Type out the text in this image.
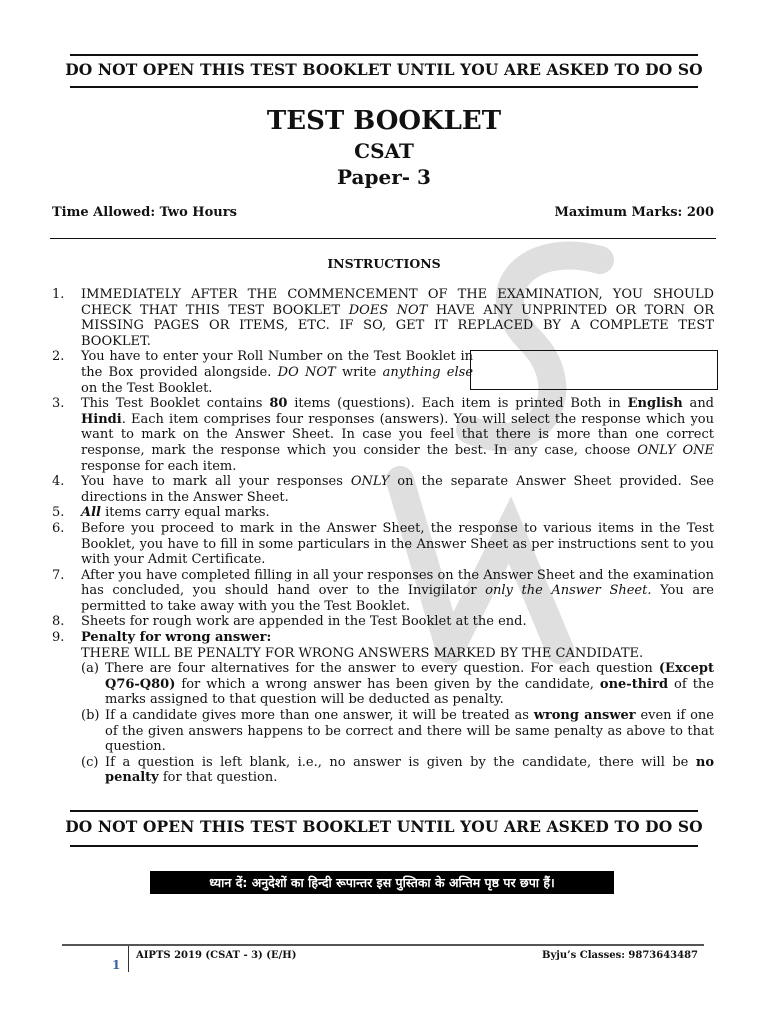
DO NOT OPEN THIS TEST BOOKLET UNTIL YOU ARE ASKED TO DO SO
TEST BOOKLET
CSAT
Paper- 3
Time Allowed: Two Hours	Maximum Marks: 200
INSTRUCTIONS
1. IMMEDIATELY AFTER THE COMMENCEMENT OF THE EXAMINATION, YOU SHOULD CHECK THAT THIS TEST BOOKLET DOES NOT HAVE ANY UNPRINTED OR TORN OR MISSING PAGES OR ITEMS, ETC. IF SO, GET IT REPLACED BY A COMPLETE TEST BOOKLET.
2. You have to enter your Roll Number on the Test Booklet in the Box provided alongside. DO NOT write anything else on the Test Booklet.
3. This Test Booklet contains 80 items (questions). Each item is printed Both in English and Hindi. Each item comprises four responses (answers). You will select the response which you want to mark on the Answer Sheet. In case you feel that there is more than one correct response, mark the response which you consider the best. In any case, choose ONLY ONE response for each item.
4. You have to mark all your responses ONLY on the separate Answer Sheet provided. See directions in the Answer Sheet.
5. All items carry equal marks.
6. Before you proceed to mark in the Answer Sheet, the response to various items in the Test Booklet, you have to fill in some particulars in the Answer Sheet as per instructions sent to you with your Admit Certificate.
7. After you have completed filling in all your responses on the Answer Sheet and the examination has concluded, you should hand over to the Invigilator only the Answer Sheet. You are permitted to take away with you the Test Booklet.
8. Sheets for rough work are appended in the Test Booklet at the end.
9. Penalty for wrong answer:
THERE WILL BE PENALTY FOR WRONG ANSWERS MARKED BY THE CANDIDATE.
(a) There are four alternatives for the answer to every question. For each question (Except Q76-Q80) for which a wrong answer has been given by the candidate, one-third of the marks assigned to that question will be deducted as penalty.
(b) If a candidate gives more than one answer, it will be treated as wrong answer even if one of the given answers happens to be correct and there will be same penalty as above to that question.
(c) If a question is left blank, i.e., no answer is given by the candidate, there will be no penalty for that question.
DO NOT OPEN THIS TEST BOOKLET UNTIL YOU ARE ASKED TO DO SO
ध्यान दें: अनुदेशों का हिन्दी रूपान्तर इस पुस्तिका के अन्तिम पृष्ठ पर छपा हैं।
1
AIPTS 2019 (CSAT - 3) (E/H)	Byju’s Classes: 9873643487
